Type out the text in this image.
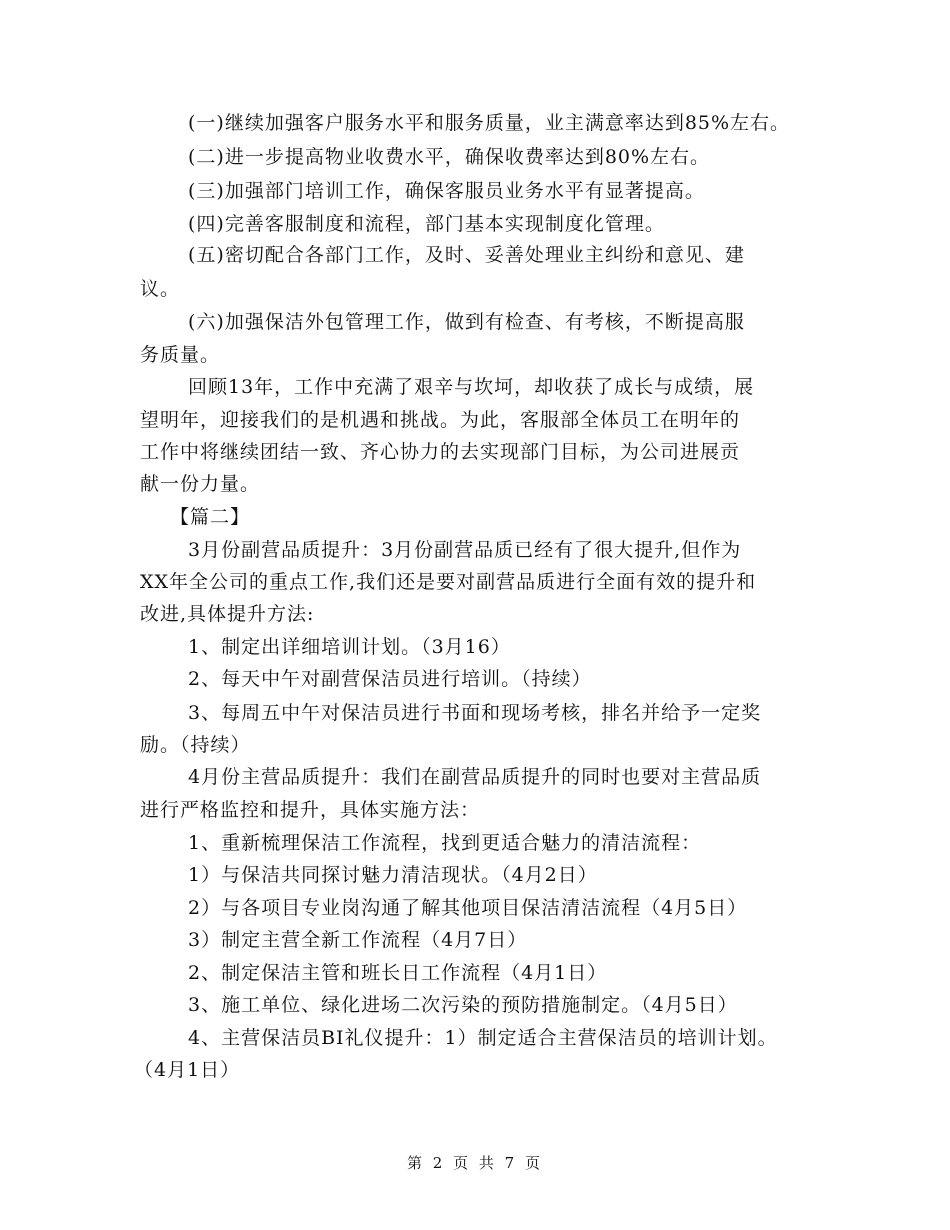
(一)继续加强客户服务水平和服务质量，业主满意率达到85%左右。

(二)进一步提高物业收费水平，确保收费率达到80%左右。

(三)加强部门培训工作，确保客服员业务水平有显著提高。

(四)完善客服制度和流程，部门基本实现制度化管理。

(五)密切配合各部门工作，及时、妥善处理业主纠纷和意见、建

议。

(六)加强保洁外包管理工作，做到有检查、有考核，不断提高服

务质量。

回顾13年，工作中充满了艰辛与坎坷，却收获了成长与成绩，展

望明年，迎接我们的是机遇和挑战。为此，客服部全体员工在明年的

工作中将继续团结一致、齐心协力的去实现部门目标，为公司进展贡

献一份力量。

【篇二】

3月份副营品质提升：3月份副营品质已经有了很大提升,但作为

XX年全公司的重点工作,我们还是要对副营品质进行全面有效的提升和

改进,具体提升方法:

1、制定出详细培训计划。（3月16）

2、每天中午对副营保洁员进行培训。（持续）

3、每周五中午对保洁员进行书面和现场考核，排名并给予一定奖

励。（持续）

4月份主营品质提升：我们在副营品质提升的同时也要对主营品质

进行严格监控和提升，具体实施方法：

1、重新梳理保洁工作流程，找到更适合魅力的清洁流程：

1）与保洁共同探讨魅力清洁现状。（4月2日）

2）与各项目专业岗沟通了解其他项目保洁清洁流程（4月5日）

3）制定主营全新工作流程（4月7日）

2、制定保洁主管和班长日工作流程（4月1日）

3、施工单位、绿化进场二次污染的预防措施制定。（4月5日）

4、主营保洁员BI礼仪提升：1）制定适合主营保洁员的培训计划。

（4月1日）

第 2 页 共 7 页
